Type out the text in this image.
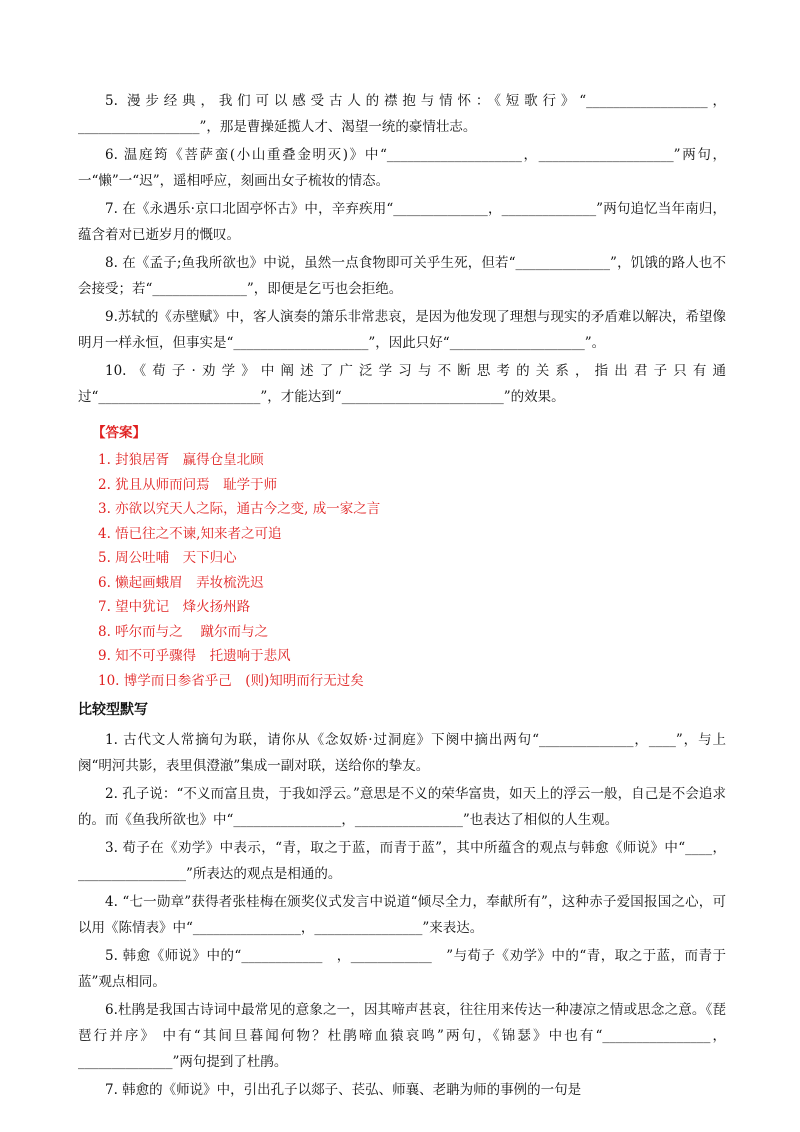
5. 漫步经典，我们可以感受古人的襟抱与情怀：《短歌行》“__________________，__________________”，那是曹操延揽人才、渴望一统的豪情壮志。

6. 温庭筠《菩萨蛮(小山重叠金明灭)》中“____________________，____________________”两句，一“懒”一“迟”，遥相呼应，刻画出女子梳妆的情态。

7. 在《永遇乐·京口北固亭怀古》中，辛弃疾用“______________，______________”两句追忆当年南归，蕴含着对已逝岁月的慨叹。

8. 在《孟子;鱼我所欲也》中说，虽然一点食物即可关乎生死，但若“______________”，饥饿的路人也不会接受；若“______________”，即便是乞丐也会拒绝。

9.苏轼的《赤壁赋》中，客人演奏的箫乐非常悲哀，是因为他发现了理想与现实的矛盾难以解决，希望像明月一样永恒，但事实是“____________________”，因此只好“____________________”。

10.《荀子·劝学》中阐述了广泛学习与不断思考的关系，指出君子只有通过“________________________”，才能达到“________________________”的效果。

【答案】
1. 封狼居胥　赢得仓皇北顾
2. 犹且从师而问焉　耻学于师
3. 亦欲以究天人之际，通古今之变, 成一家之言
4. 悟已往之不谏,知来者之可追
5. 周公吐哺　天下归心
6. 懒起画蛾眉　弄妆梳洗迟
7. 望中犹记　烽火扬州路
8. 呼尔而与之　 蹴尔而与之
9. 知不可乎骤得　托遗响于悲风
10. 博学而日参省乎己　(则)知明而行无过矣
比较型默写

1. 古代文人常摘句为联，请你从《念奴娇·过洞庭》下阕中摘出两句“______________，____”，与上阕“明河共影，表里俱澄澈”集成一副对联，送给你的挚友。

2. 孔子说：“不义而富且贵，于我如浮云。”意思是不义的荣华富贵，如天上的浮云一般，自己是不会追求的。而《鱼我所欲也》中“________________，________________”也表达了相似的人生观。

3. 荀子在《劝学》中表示，“青，取之于蓝，而青于蓝”，其中所蕴含的观点与韩愈《师说》中“____，________________”所表达的观点是相通的。

4. “七一勋章”获得者张桂梅在颁奖仪式发言中说道“倾尽全力，奉献所有”，这种赤子爱国报国之心，可以用《陈情表》中“________________，________________”来表达。

5. 韩愈《师说》中的“____________　，____________　”与荀子《劝学》中的“青，取之于蓝，而青于蓝”观点相同。

6.杜鹃是我国古诗词中最常见的意象之一，因其啼声甚哀，往往用来传达一种凄凉之情或思念之意。《琵琶行并序》 中有“其间旦暮闻何物？杜鹃啼血猿哀鸣”两句，《锦瑟》中也有“________________，______________”两句提到了杜鹃。

7. 韩愈的《师说》中，引出孔子以郯子、苌弘、师襄、老聃为师的事例的一句是
